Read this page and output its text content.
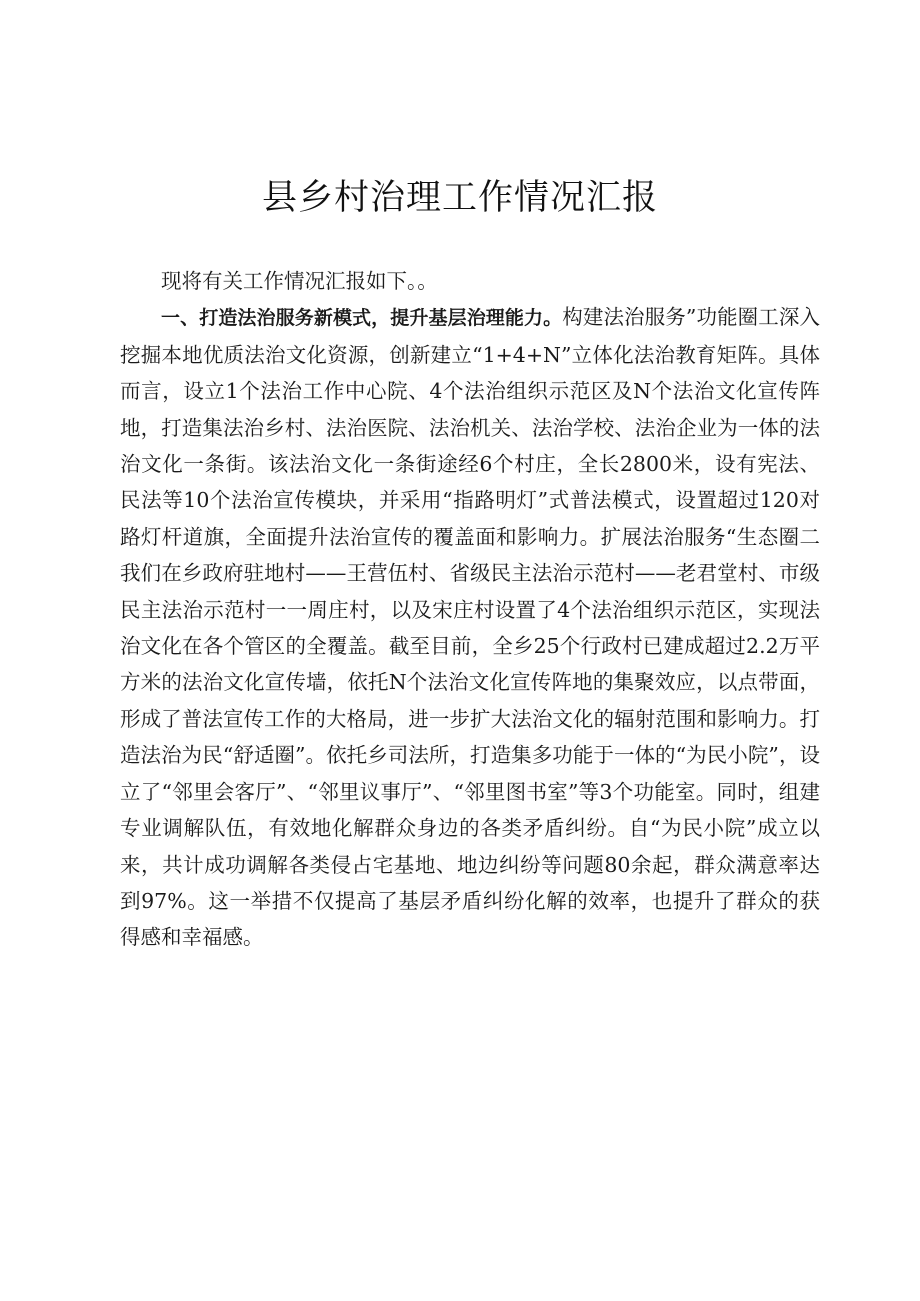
县乡村治理工作情况汇报

现将有关工作情况汇报如下。。

一、打造法治服务新模式，提升基层治理能力。构建法治服务”功能圈工深入挖掘本地优质法治文化资源，创新建立“1+4+N”立体化法治教育矩阵。具体而言，设立1个法治工作中心院、4个法治组织示范区及N个法治文化宣传阵地，打造集法治乡村、法治医院、法治机关、法治学校、法治企业为一体的法治文化一条街。该法治文化一条街途经6个村庄，全长2800米，设有宪法、民法等10个法治宣传模块，并采用“指路明灯”式普法模式，设置超过120对路灯杆道旗，全面提升法治宣传的覆盖面和影响力。扩展法治服务“生态圈二我们在乡政府驻地村——王营伍村、省级民主法治示范村——老君堂村、市级民主法治示范村一一周庄村，以及宋庄村设置了4个法治组织示范区，实现法治文化在各个管区的全覆盖。截至目前，全乡25个行政村已建成超过2.2万平方米的法治文化宣传墙，依托N个法治文化宣传阵地的集聚效应，以点带面，形成了普法宣传工作的大格局，进一步扩大法治文化的辐射范围和影响力。打造法治为民“舒适圈”。依托乡司法所，打造集多功能于一体的“为民小院”，设立了“邻里会客厅”、“邻里议事厅”、“邻里图书室”等3个功能室。同时，组建专业调解队伍，有效地化解群众身边的各类矛盾纠纷。自“为民小院”成立以来，共计成功调解各类侵占宅基地、地边纠纷等问题80余起，群众满意率达到97%。这一举措不仅提高了基层矛盾纠纷化解的效率，也提升了群众的获得感和幸福感。
